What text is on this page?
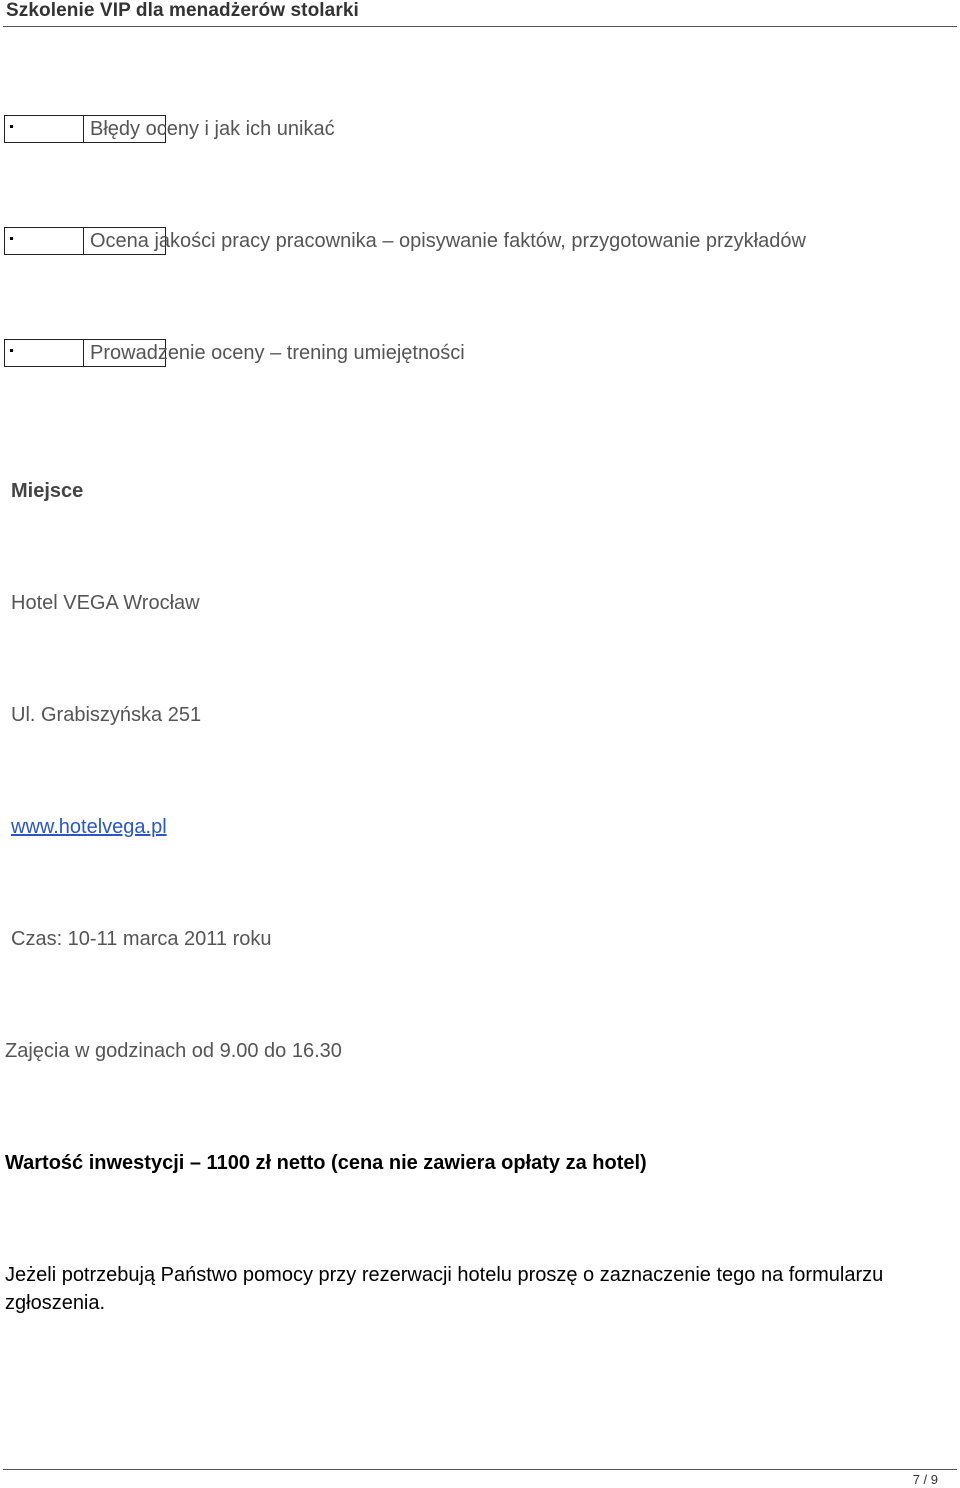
Szkolenie VIP dla menadżerów stolarki
Błędy oceny i jak ich unikać
Ocena jakości pracy pracownika – opisywanie faktów, przygotowanie przykładów
Prowadzenie oceny – trening umiejętności
Miejsce
Hotel VEGA Wrocław
Ul. Grabiszyńska 251
www.hotelvega.pl
Czas: 10-11 marca 2011 roku
Zajęcia w godzinach od 9.00 do 16.30
Wartość inwestycji – 1100 zł netto (cena nie zawiera opłaty za hotel)
Jeżeli potrzebują Państwo pomocy przy rezerwacji hotelu proszę o zaznaczenie tego na formularzu zgłoszenia.
7 / 9
